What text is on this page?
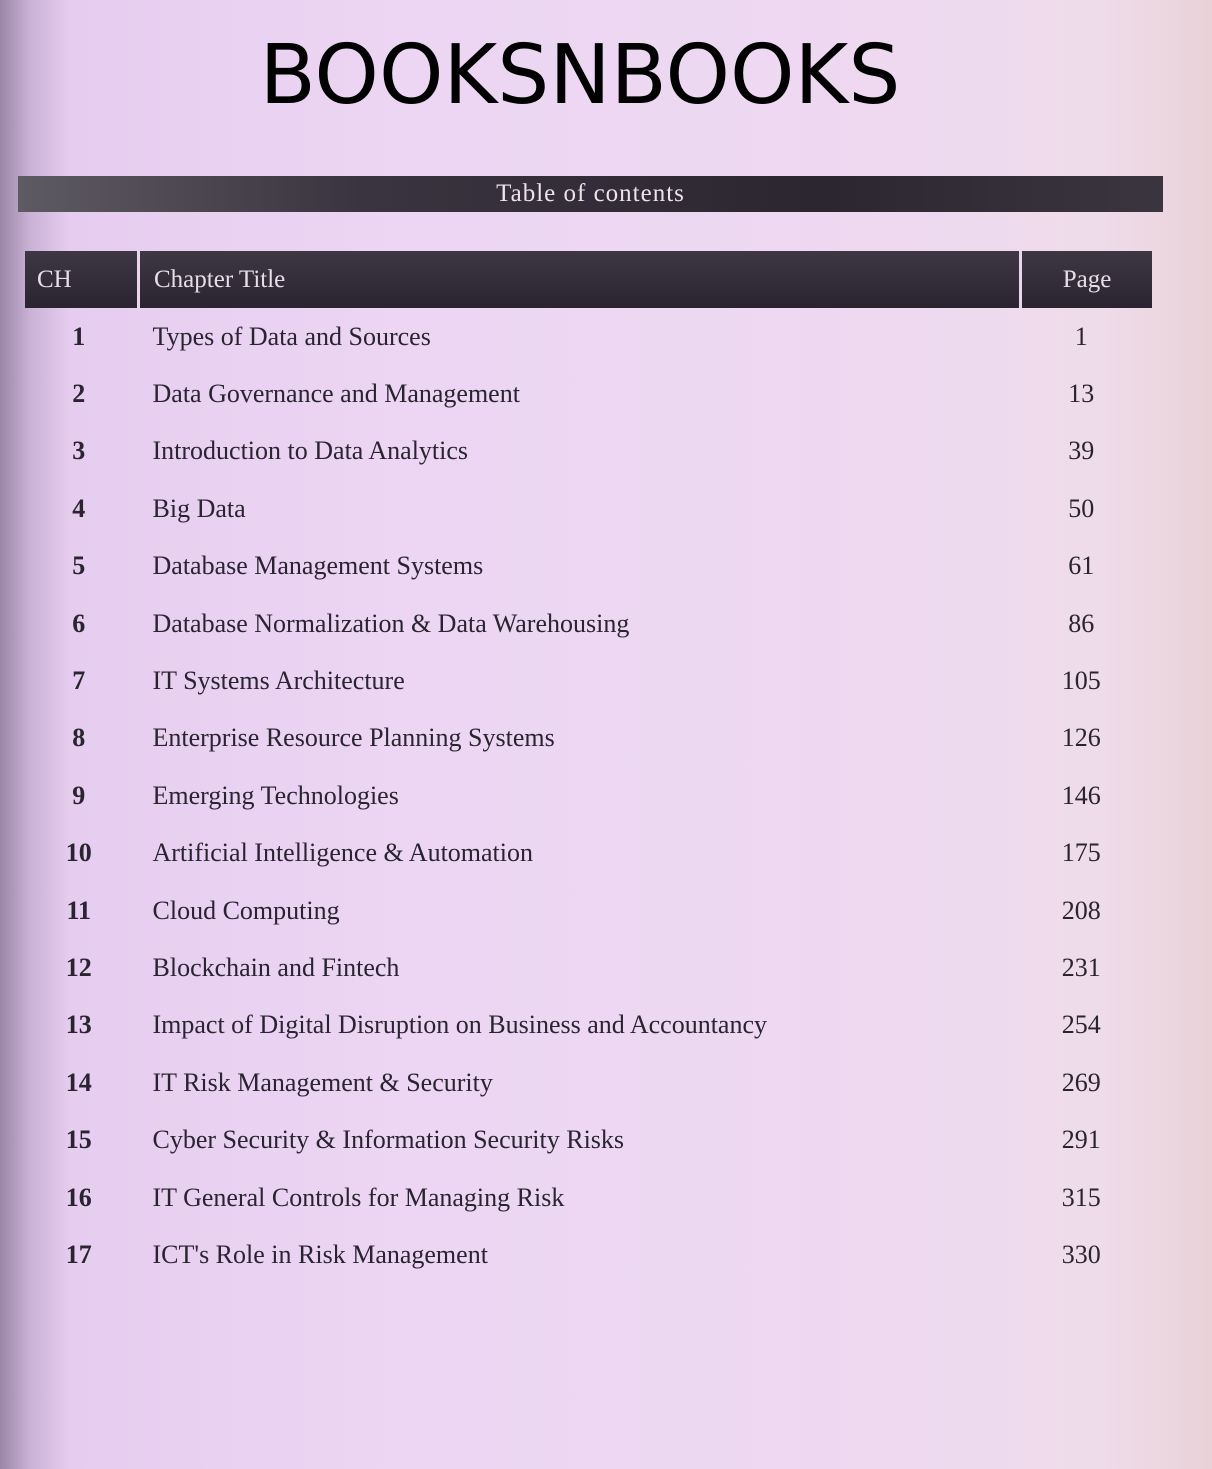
BOOKSNBOOKS
Table of contents
CH	Chapter Title	Page
1	Types of Data and Sources	1
2	Data Governance and Management	13
3	Introduction to Data Analytics	39
4	Big Data	50
5	Database Management Systems	61
6	Database Normalization & Data Warehousing	86
7	IT Systems Architecture	105
8	Enterprise Resource Planning Systems	126
9	Emerging Technologies	146
10	Artificial Intelligence & Automation	175
11	Cloud Computing	208
12	Blockchain and Fintech	231
13	Impact of Digital Disruption on Business and Accountancy	254
14	IT Risk Management & Security	269
15	Cyber Security & Information Security Risks	291
16	IT General Controls for Managing Risk	315
17	ICT's Role in Risk Management	330
